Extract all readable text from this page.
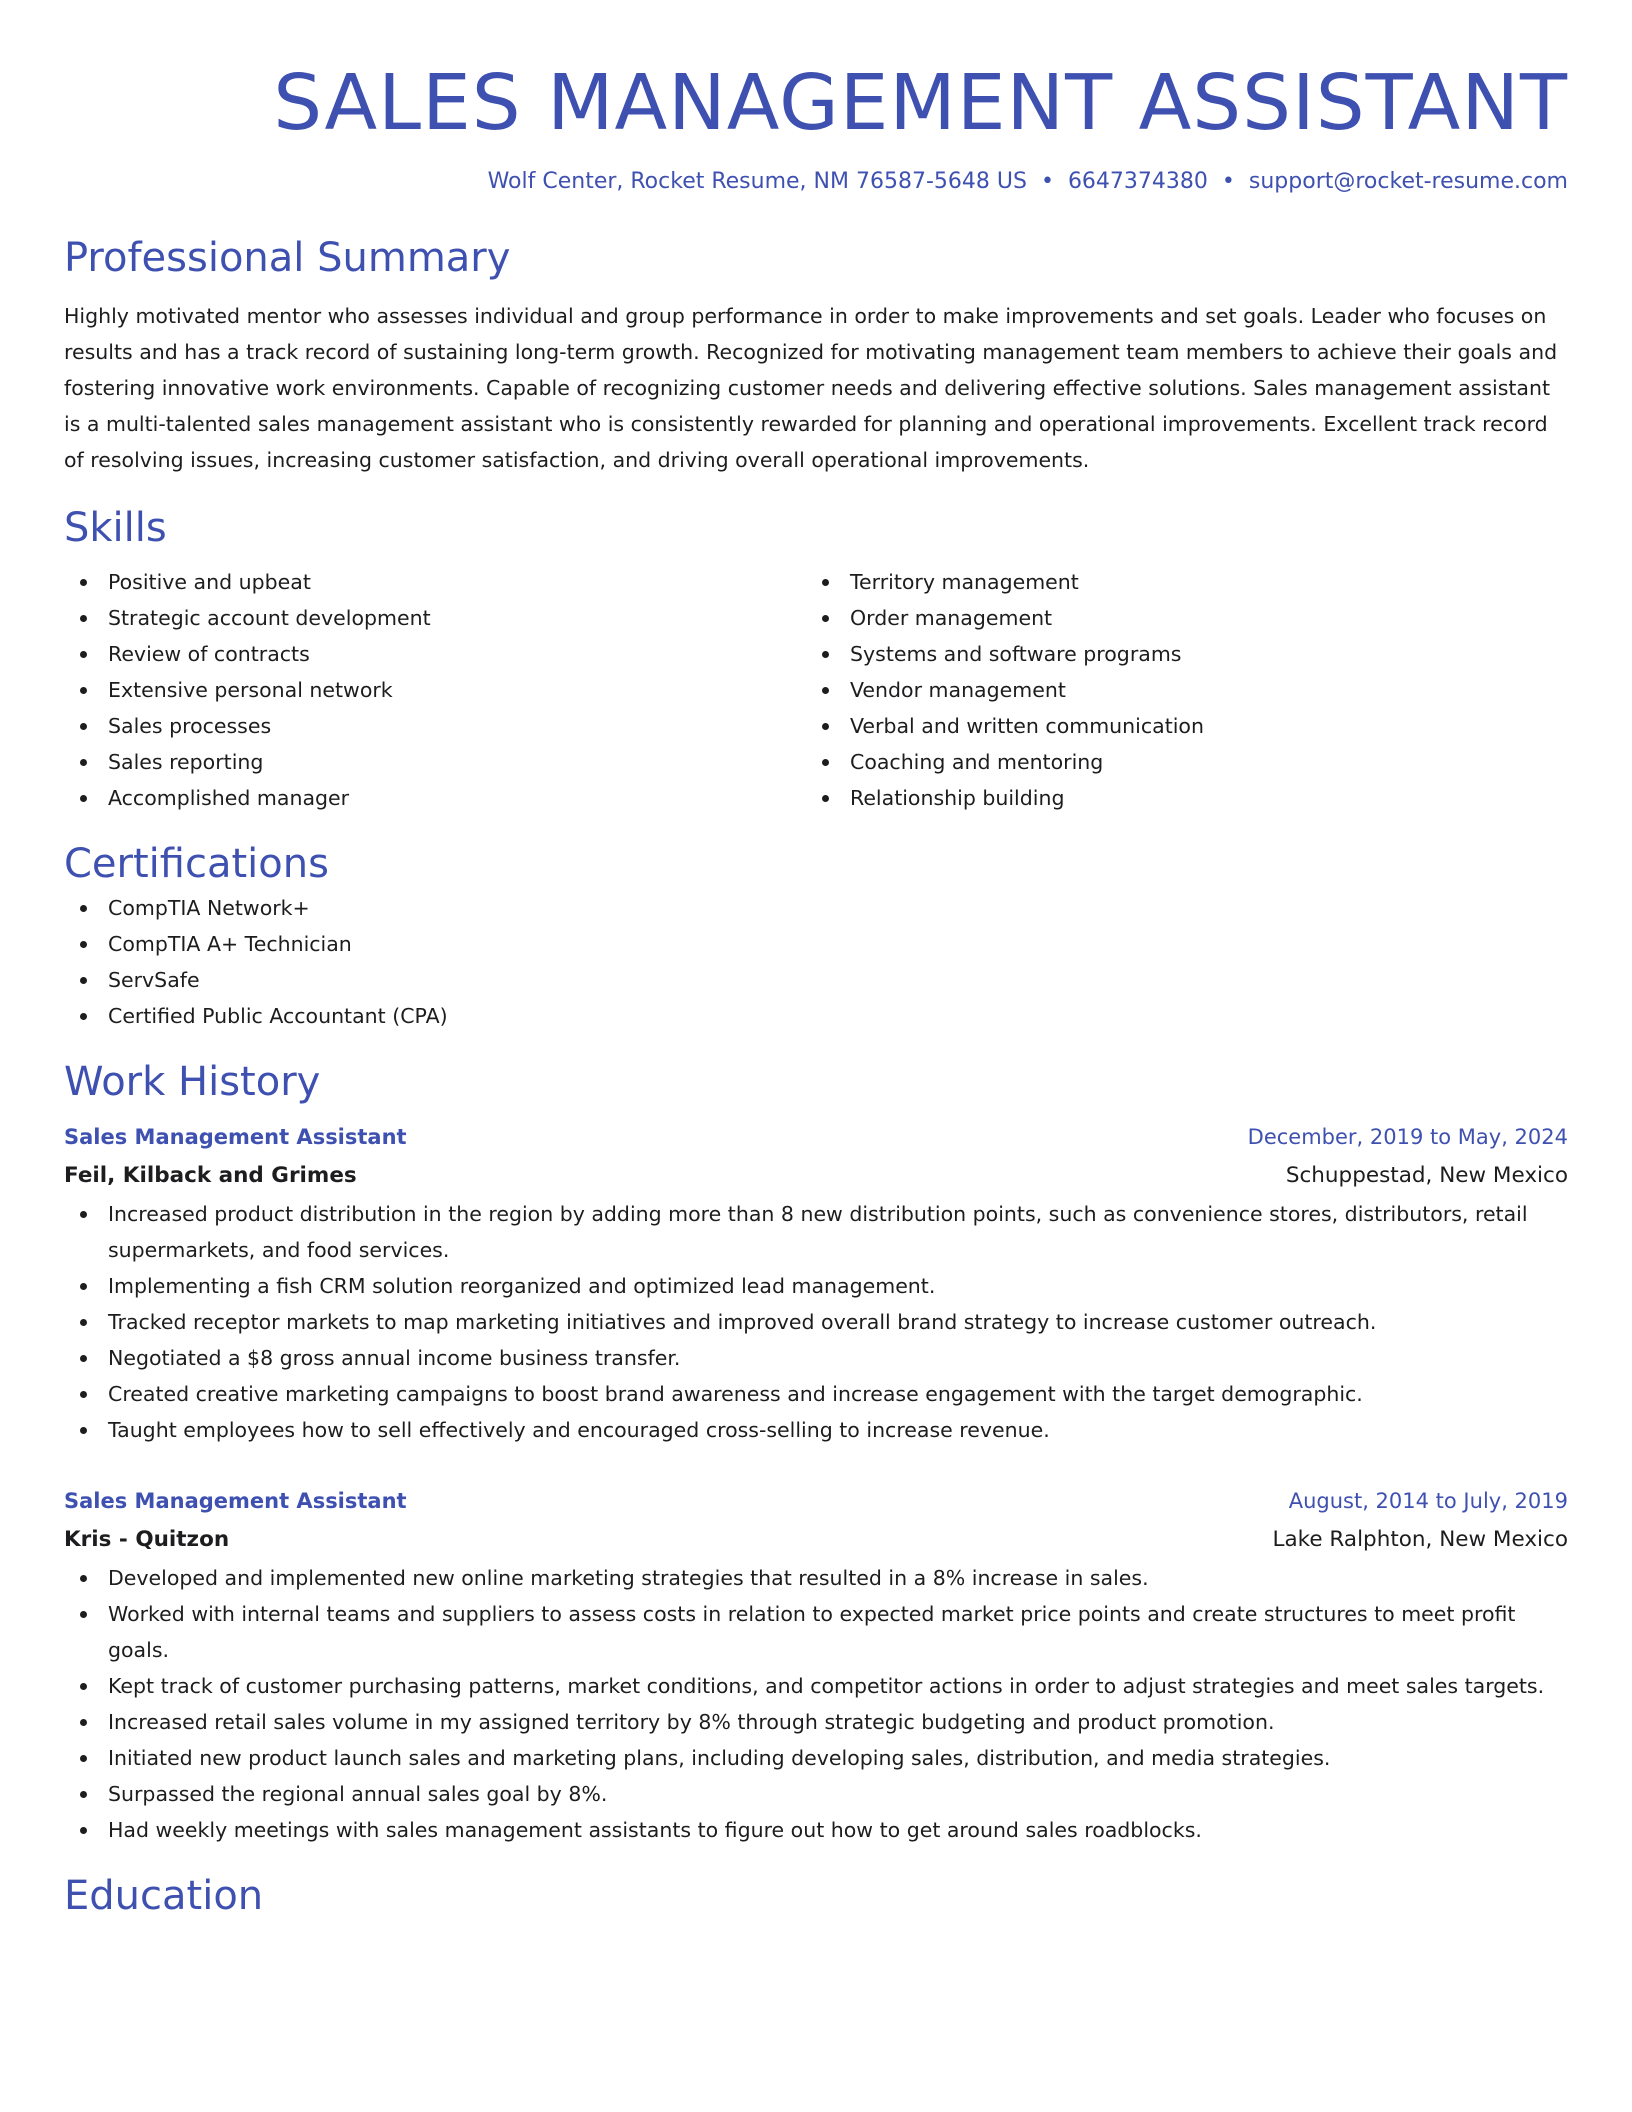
SALES MANAGEMENT ASSISTANT
Wolf Center, Rocket Resume, NM 76587-5648 US • 6647374380 • support@rocket-resume.com
Professional Summary

Highly motivated mentor who assesses individual and group performance in order to make improvements and set goals. Leader who focuses on results and has a track record of sustaining long-term growth. Recognized for motivating management team members to achieve their goals and fostering innovative work environments. Capable of recognizing customer needs and delivering effective solutions. Sales management assistant is a multi-talented sales management assistant who is consistently rewarded for planning and operational improvements. Excellent track record of resolving issues, increasing customer satisfaction, and driving overall operational improvements.

Skills
Positive and upbeat
Strategic account development
Review of contracts
Extensive personal network
Sales processes
Sales reporting
Accomplished manager
Territory management
Order management
Systems and software programs
Vendor management
Verbal and written communication
Coaching and mentoring
Relationship building
Certifications
CompTIA Network+
CompTIA A+ Technician
ServSafe
Certified Public Accountant (CPA)
Work History
Sales Management Assistant	December, 2019 to May, 2024
Feil, Kilback and Grimes	Schuppestad, New Mexico
Increased product distribution in the region by adding more than 8 new distribution points, such as convenience stores, distributors, retail supermarkets, and food services.
Implementing a fish CRM solution reorganized and optimized lead management.
Tracked receptor markets to map marketing initiatives and improved overall brand strategy to increase customer outreach.
Negotiated a $8 gross annual income business transfer.
Created creative marketing campaigns to boost brand awareness and increase engagement with the target demographic.
Taught employees how to sell effectively and encouraged cross-selling to increase revenue.
Sales Management Assistant	August, 2014 to July, 2019
Kris - Quitzon	Lake Ralphton, New Mexico
Developed and implemented new online marketing strategies that resulted in a 8% increase in sales.
Worked with internal teams and suppliers to assess costs in relation to expected market price points and create structures to meet profit goals.
Kept track of customer purchasing patterns, market conditions, and competitor actions in order to adjust strategies and meet sales targets.
Increased retail sales volume in my assigned territory by 8% through strategic budgeting and product promotion.
Initiated new product launch sales and marketing plans, including developing sales, distribution, and media strategies.
Surpassed the regional annual sales goal by 8%.
Had weekly meetings with sales management assistants to figure out how to get around sales roadblocks.
Education
